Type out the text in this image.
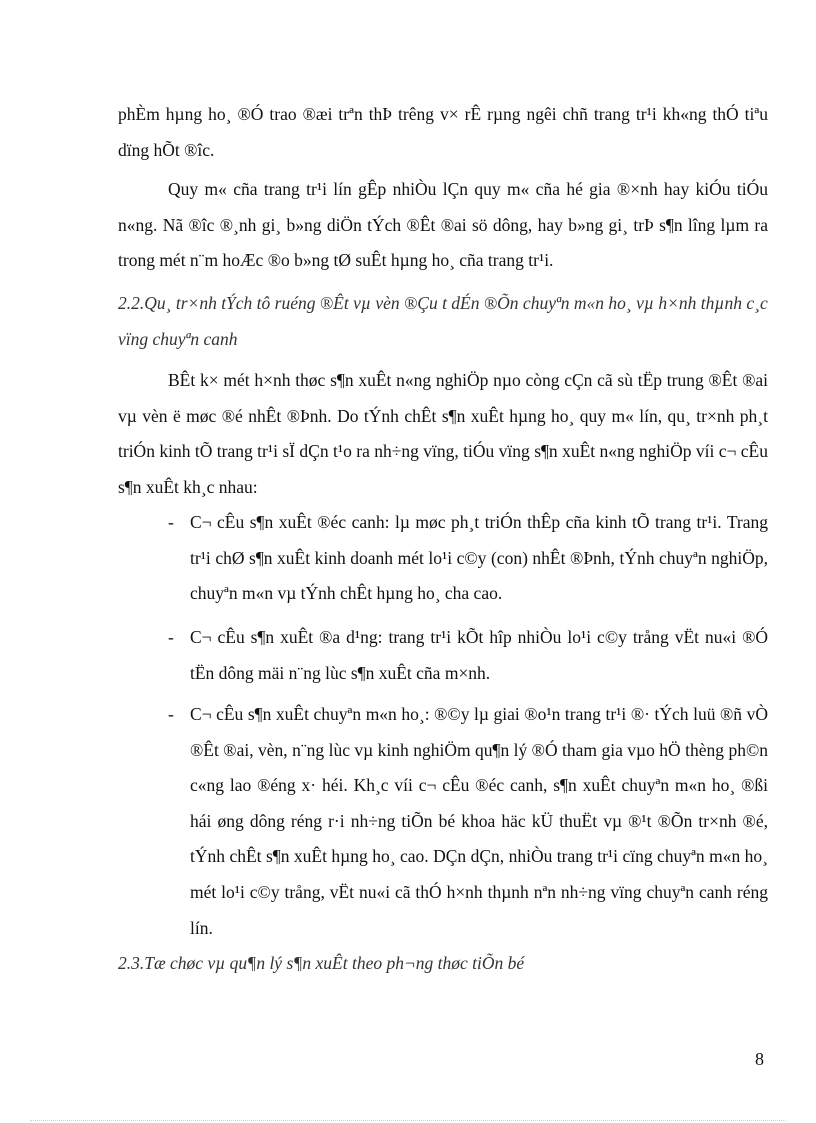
phÈm hµng ho¸ ®Ó trao ®æi trªn thÞ trêng v× rÊ rµng ngêi chñ trang tr¹i kh«ng thÓ tiªu dïng hÕt ®îc.
Quy m« cña trang tr¹i lín gÊp nhiÒu lÇn quy m« cña hé gia ®×nh hay kiÓu tiÓu n«ng. Nã ®îc ®¸nh gi¸ b»ng diÖn tÝch ®Êt ®ai sö dông, hay b»ng gi¸ trÞ s¶n lîng lµm ra trong mét n¨m hoÆc ®o b»ng tØ suÊt hµng ho¸ cña trang tr¹i.
2.2.Qu¸ tr×nh tÝch tô ruéng ®Êt vµ vèn ®Çu t dÉn ®Õn chuyªn m«n ho¸ vµ h×nh thµnh c¸c vïng chuyªn canh
BÊt k× mét h×nh thøc s¶n xuÊt n«ng nghiÖp nµo còng cÇn cã sù tËp trung ®Êt ®ai vµ vèn ë møc ®é nhÊt ®Þnh. Do tÝnh chÊt s¶n xuÊt hµng ho¸ quy m« lín, qu¸ tr×nh ph¸t triÓn kinh tÕ trang tr¹i sÏ dÇn t¹o ra nh÷ng vïng, tiÓu vïng s¶n xuÊt n«ng nghiÖp víi c¬ cÊu s¶n xuÊt kh¸c nhau:
- C¬ cÊu s¶n xuÊt ®éc canh: lµ møc ph¸t triÓn thÊp cña kinh tÕ trang tr¹i. Trang tr¹i chØ s¶n xuÊt kinh doanh mét lo¹i c©y (con) nhÊt ®Þnh, tÝnh chuyªn nghiÖp, chuyªn m«n vµ tÝnh chÊt hµng ho¸ cha cao.
- C¬ cÊu s¶n xuÊt ®a d¹ng: trang tr¹i kÕt hîp nhiÒu lo¹i c©y trång vËt nu«i ®Ó tËn dông mäi n¨ng lùc s¶n xuÊt cña m×nh.
- C¬ cÊu s¶n xuÊt chuyªn m«n ho¸: ®©y lµ giai ®o¹n trang tr¹i ®· tÝch luü ®ñ vÒ ®Êt ®ai, vèn, n¨ng lùc vµ kinh nghiÖm qu¶n lý ®Ó tham gia vµo hÖ thèng ph©n c«ng lao ®éng x· héi. Kh¸c víi c¬ cÊu ®éc canh, s¶n xuÊt chuyªn m«n ho¸ ®ßi hái øng dông réng r·i nh÷ng tiÕn bé khoa häc kÜ thuËt vµ ®¹t ®Õn tr×nh ®é, tÝnh chÊt s¶n xuÊt hµng ho¸ cao. DÇn dÇn, nhiÒu trang tr¹i cïng chuyªn m«n ho¸ mét lo¹i c©y trång, vËt nu«i cã thÓ h×nh thµnh nªn nh÷ng vïng chuyªn canh réng lín.
2.3.Tæ chøc vµ qu¶n lý s¶n xuÊt theo ph¬ng thøc tiÕn bé
8
